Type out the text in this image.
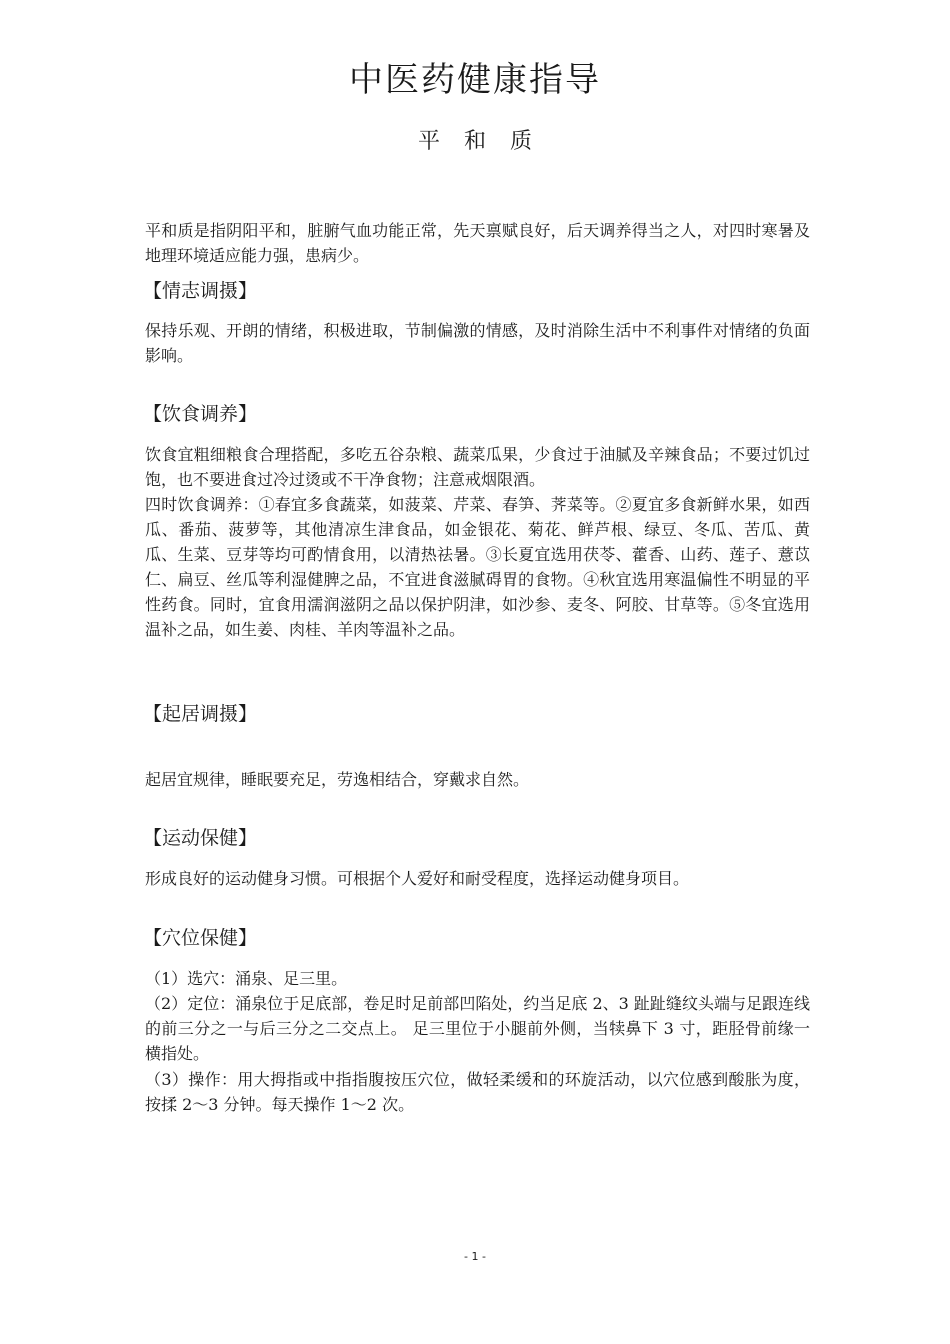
中医药健康指导
平和质

平和质是指阴阳平和，脏腑气血功能正常，先天禀赋良好，后天调养得当之人，对四时寒暑及地理环境适应能力强，患病少。

【情志调摄】

保持乐观、开朗的情绪，积极进取，节制偏激的情感，及时消除生活中不利事件对情绪的负面影响。

【饮食调养】

饮食宜粗细粮食合理搭配，多吃五谷杂粮、蔬菜瓜果，少食过于油腻及辛辣食品；不要过饥过饱，也不要进食过冷过烫或不干净食物；注意戒烟限酒。

四时饮食调养：①春宜多食蔬菜，如菠菜、芹菜、春笋、荠菜等。②夏宜多食新鲜水果，如西瓜、番茄、菠萝等，其他清凉生津食品，如金银花、菊花、鲜芦根、绿豆、冬瓜、苦瓜、黄瓜、生菜、豆芽等均可酌情食用，以清热祛暑。③长夏宜选用茯苓、藿香、山药、莲子、薏苡仁、扁豆、丝瓜等利湿健脾之品，不宜进食滋腻碍胃的食物。④秋宜选用寒温偏性不明显的平性药食。同时，宜食用濡润滋阴之品以保护阴津，如沙参、麦冬、阿胶、甘草等。⑤冬宜选用温补之品，如生姜、肉桂、羊肉等温补之品。

【起居调摄】

起居宜规律，睡眠要充足，劳逸相结合，穿戴求自然。

【运动保健】

形成良好的运动健身习惯。可根据个人爱好和耐受程度，选择运动健身项目。

【穴位保健】

（1）选穴：涌泉、足三里。

（2）定位：涌泉位于足底部，卷足时足前部凹陷处，约当足底 2、3 趾趾缝纹头端与足跟连线的前三分之一与后三分之二交点上。 足三里位于小腿前外侧，当犊鼻下 3 寸，距胫骨前缘一横指处。

（3）操作：用大拇指或中指指腹按压穴位，做轻柔缓和的环旋活动，以穴位感到酸胀为度，按揉 2～3 分钟。每天操作 1～2 次。

- 1 -
